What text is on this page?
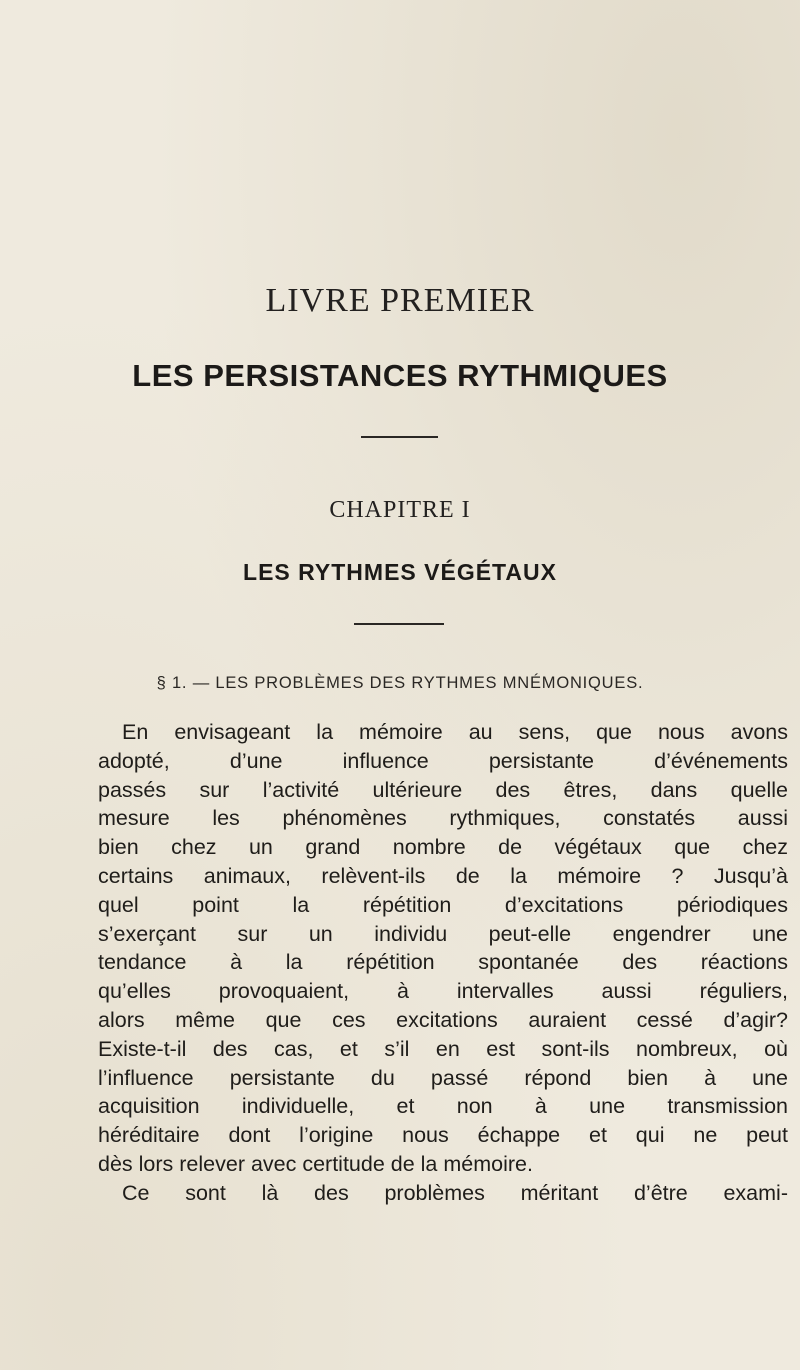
LIVRE PREMIER
LES PERSISTANCES RYTHMIQUES
CHAPITRE I
LES RYTHMES VÉGÉTAUX
§ 1. — LES PROBLÈMES DES RYTHMES MNÉMONIQUES.
En envisageant la mémoire au sens, que nous avons
adopté, d’une influence persistante d’événements
passés sur l’activité ultérieure des êtres, dans quelle
mesure les phénomènes rythmiques, constatés aussi
bien chez un grand nombre de végétaux que chez
certains animaux, relèvent-ils de la mémoire ? Jusqu’à
quel point la répétition d’excitations périodiques
s’exerçant sur un individu peut-elle engendrer une
tendance à la répétition spontanée des réactions
qu’elles provoquaient, à intervalles aussi réguliers,
alors même que ces excitations auraient cessé d’agir?
Existe-t-il des cas, et s’il en est sont-ils nombreux, où
l’influence persistante du passé répond bien à une
acquisition individuelle, et non à une transmission
héréditaire dont l’origine nous échappe et qui ne peut
dès lors relever avec certitude de la mémoire.
Ce sont là des problèmes méritant d’être exami-
